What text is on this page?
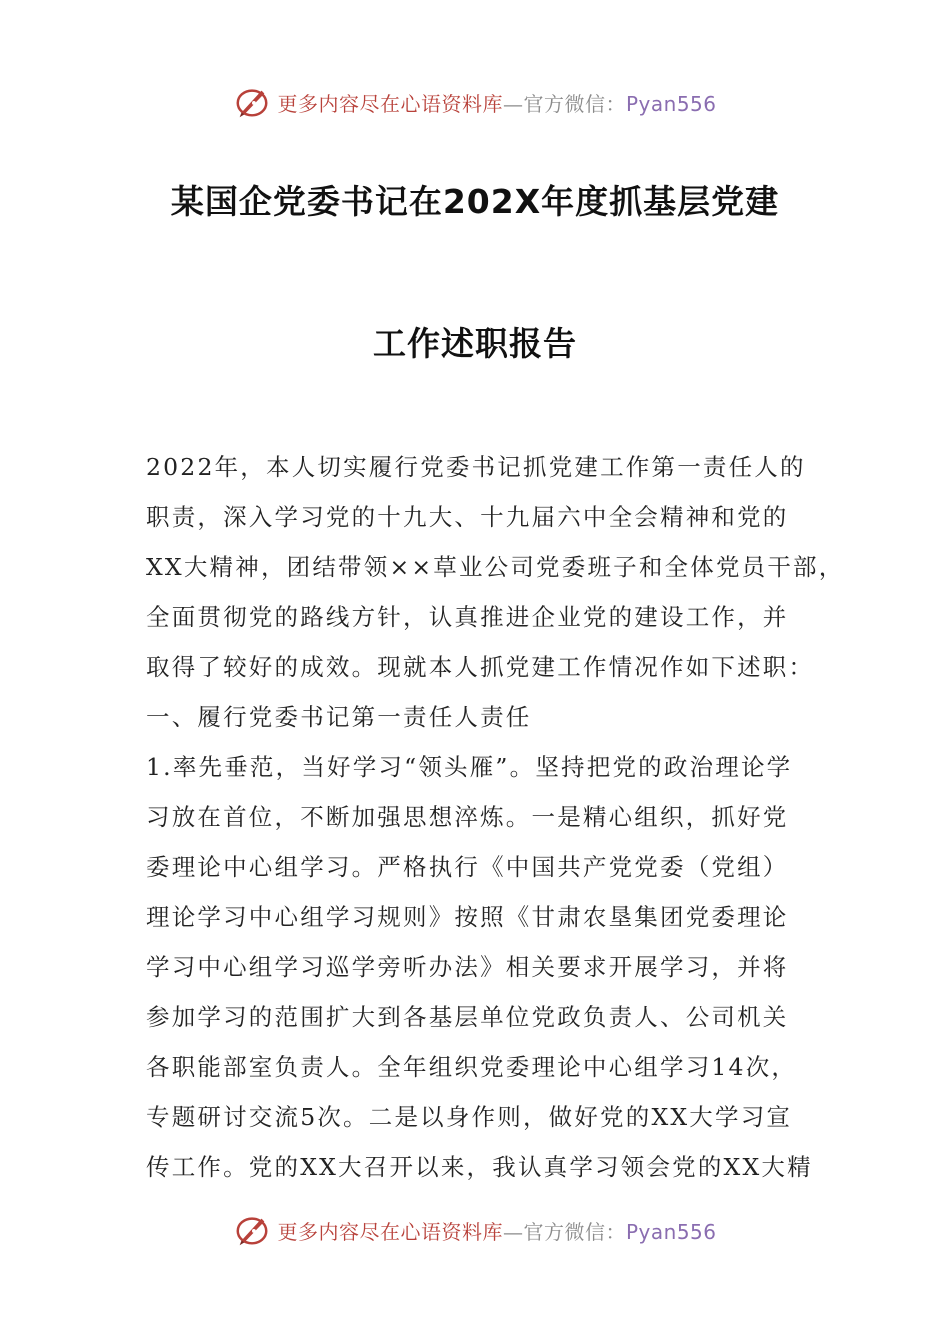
更多内容尽在心语资料库—官方微信：Pyan556
某国企党委书记在202X年度抓基层党建
工作述职报告
2022年，本人切实履行党委书记抓党建工作第一责任人的
职责，深入学习党的十九大、十九届六中全会精神和党的
XX大精神，团结带领××草业公司党委班子和全体党员干部，
全面贯彻党的路线方针，认真推进企业党的建设工作，并
取得了较好的成效。现就本人抓党建工作情况作如下述职：
一、履行党委书记第一责任人责任
1.率先垂范，当好学习“领头雁”。坚持把党的政治理论学
习放在首位，不断加强思想淬炼。一是精心组织，抓好党
委理论中心组学习。严格执行《中国共产党党委（党组）
理论学习中心组学习规则》按照《甘肃农垦集团党委理论
学习中心组学习巡学旁听办法》相关要求开展学习，并将
参加学习的范围扩大到各基层单位党政负责人、公司机关
各职能部室负责人。全年组织党委理论中心组学习14次，
专题研讨交流5次。二是以身作则，做好党的XX大学习宣
传工作。党的XX大召开以来，我认真学习领会党的XX大精
更多内容尽在心语资料库—官方微信：Pyan556
